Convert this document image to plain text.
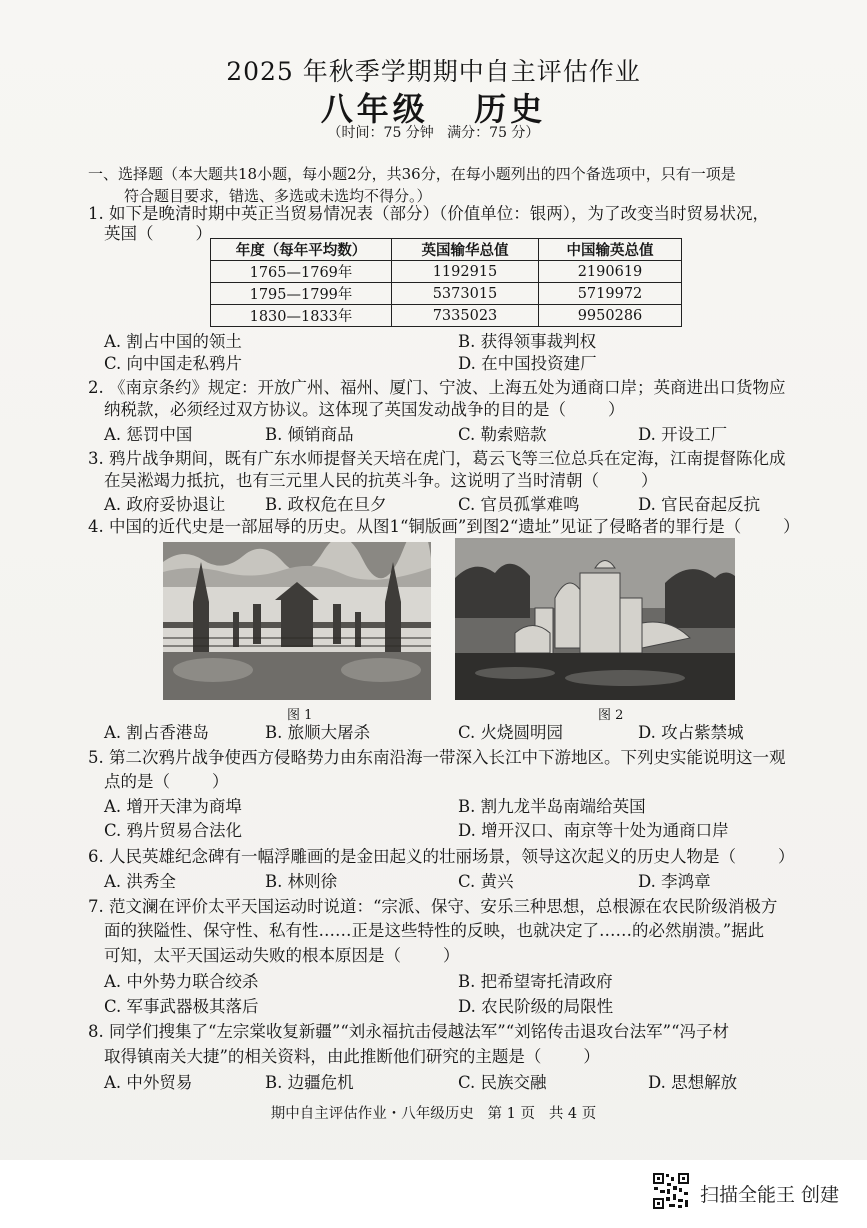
2025 年秋季学期期中自主评估作业
八年级   历史
（时间：75 分钟   满分：75 分）
一、选择题（本大题共18小题，每小题2分，共36分，在每小题列出的四个备选项中，只有一项是
符合题目要求，错选、多选或未选均不得分。）
1. 如下是晚清时期中英正当贸易情况表（部分）（价值单位：银两），为了改变当时贸易状况，
英国（        ）
年度（每年平均数）	英国输华总值	中国输英总值
1765—1769年	1192915	2190619
1795—1799年	5373015	5719972
1830—1833年	7335023	9950286
A. 割占中国的领土	B. 获得领事裁判权
C. 向中国走私鸦片	D. 在中国投资建厂
2. 《南京条约》规定：开放广州、福州、厦门、宁波、上海五处为通商口岸；英商进出口货物应
纳税款，必须经过双方协议。这体现了英国发动战争的目的是（        ）
A. 惩罚中国	B. 倾销商品	C. 勒索赔款	D. 开设工厂
3. 鸦片战争期间，既有广东水师提督关天培在虎门，葛云飞等三位总兵在定海，江南提督陈化成
在吴淞竭力抵抗，也有三元里人民的抗英斗争。这说明了当时清朝（        ）
A. 政府妥协退让 B. 政权危在旦夕	C. 官员孤掌难鸣	D. 官民奋起反抗
4. 中国的近代史是一部屈辱的历史。从图1“铜版画”到图2“遗址”见证了侵略者的罪行是（        ）
图 1	图 2
A. 割占香港岛	B. 旅顺大屠杀	C. 火烧圆明园	D. 攻占紫禁城
5. 第二次鸦片战争使西方侵略势力由东南沿海一带深入长江中下游地区。下列史实能说明这一观
点的是（        ）
A. 增开天津为商埠	B. 割九龙半岛南端给英国
C. 鸦片贸易合法化	D. 增开汉口、南京等十处为通商口岸
6. 人民英雄纪念碑有一幅浮雕画的是金田起义的壮丽场景，领导这次起义的历史人物是（        ）
A. 洪秀全	B. 林则徐	C. 黄兴	D. 李鸿章
7. 范文澜在评价太平天国运动时说道：“宗派、保守、安乐三种思想，总根源在农民阶级消极方
面的狭隘性、保守性、私有性……正是这些特性的反映，也就决定了……的必然崩溃。”据此
可知，太平天国运动失败的根本原因是（        ）
A. 中外势力联合绞杀	B. 把希望寄托清政府
C. 军事武器极其落后	D. 农民阶级的局限性
8. 同学们搜集了“左宗棠收复新疆”“刘永福抗击侵越法军”“刘铭传击退攻台法军”“冯子材
取得镇南关大捷”的相关资料，由此推断他们研究的主题是（        ）
A. 中外贸易	B. 边疆危机	C. 民族交融	D. 思想解放
期中自主评估作业・八年级历史   第 1 页   共 4 页
扫描全能王 创建
